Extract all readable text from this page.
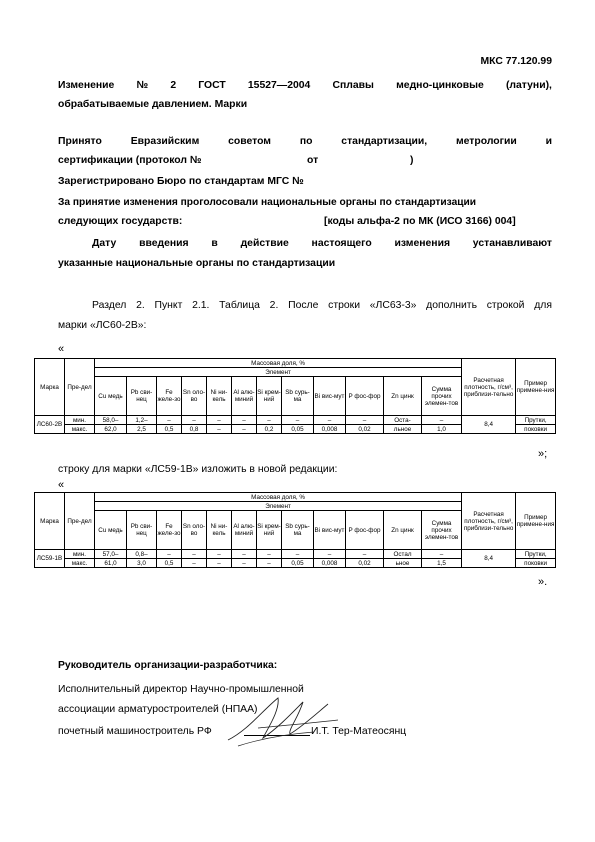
МКС 77.120.99
Изменение № 2 ГОСТ 15527—2004 Сплавы медно-цинковые (латуни),
обрабатываемые давлением. Марки
Принято	Евразийским	советом	по	стандартизации,	метрологии	и
сертификации (протокол №	от	)
Зарегистрировано Бюро по стандартам МГС №
За принятие изменения проголосовали национальные органы по стандартизации
следующих государств:	[коды альфа-2 по МК (ИСО 3166) 004]
Дату введения в действие настоящего изменения устанавливают
указанные национальные органы по стандартизации
Раздел 2. Пункт 2.1. Таблица 2. После строки «ЛС63-3» дополнить строкой для
марки «ЛС60-2В»:
«
Марка	Пре-дел	Массовая доля, %												Расчетная плотность, г/см³, приблизи-тельно	Пример примене-ния
		Элемент													
		Cu медь	Pb сви-нец	Fe желе-зо	Sn оло-во	Ni ни-кель	Al алю-миний	Si крем-ний	Sb сурь-ма	Bi вис-мут	P фос-фор	Zn цинк	Сумма прочих элемен-тов		
ЛС60-2В	мин.	58,0–	1,2–	–	–	–	–	–	–	–	–	Оста-	–	8,4	Прутки,
	макс.	62,0	2,5	0,5	0,8	–	–	0,2	0,05	0,008	0,02	льное	1,0		поковки
»;
строку для марки «ЛС59-1В» изложить в новой редакции:
«
Марка	Пре-дел	Массовая доля, %												Расчетная плотность, г/см³, приблизи-тельно	Пример примене-ния
		Элемент													
		Cu медь	Pb сви-нец	Fe желе-зо	Sn оло-во	Ni ни-кель	Al алю-миний	Si крем-ний	Sb сурь-ма	Bi вис-мут	P фос-фор	Zn цинк	Сумма прочих элемен-тов		
ЛС59-1В	мин.	57,0–	0,8–	–	–	–	–	–	–	–	–	Остал	–	8,4	Прутки,
	макс.	61,0	3,0	0,5	–	–	–	–	0,05	0,008	0,02	ьное	1,5		поковки
».
Руководитель организации-разработчика:
Исполнительный директор Научно-промышленной
ассоциации арматуростроителей (НПАА)
почетный машиностроитель РФ	И.Т. Тер-Матеосянц
